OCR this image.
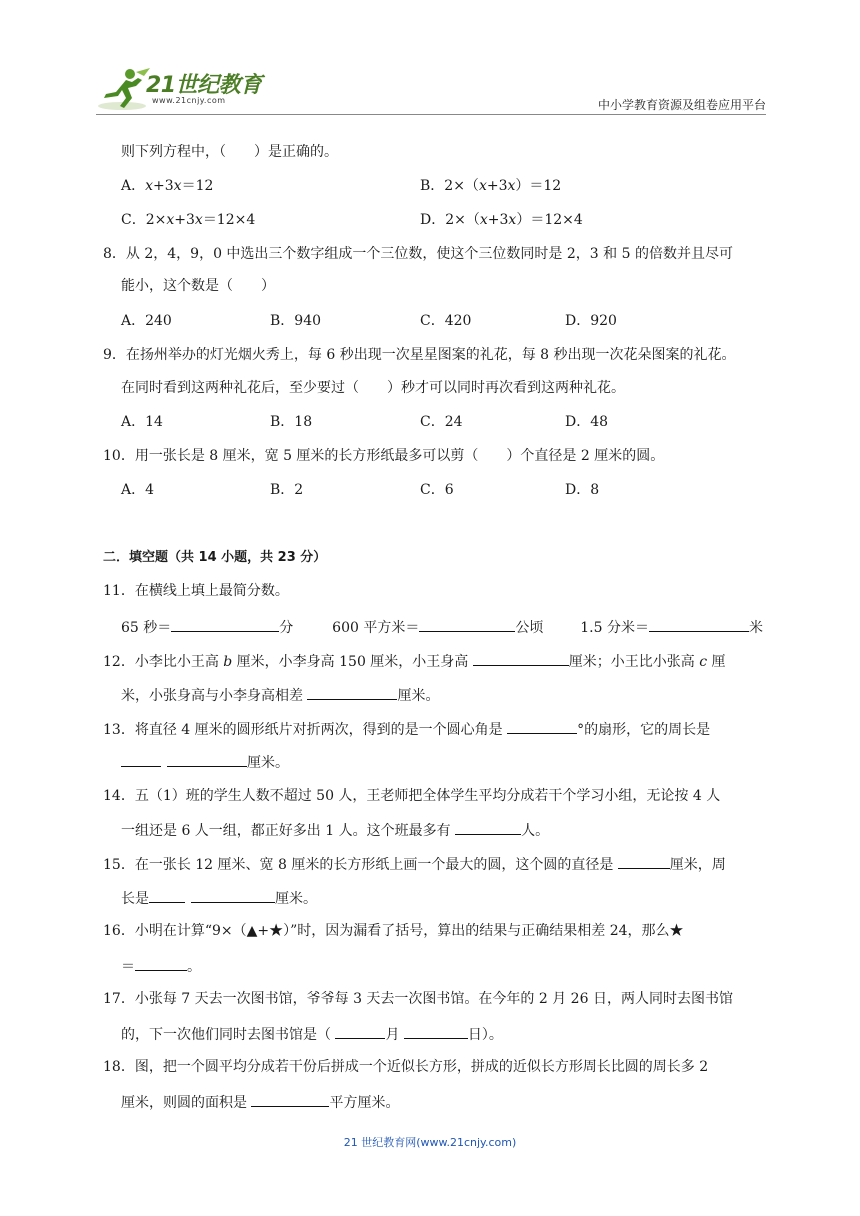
21世纪教育
www.21cnjy.com	中小学教育资源及组卷应用平台
则下列方程中，（　　）是正确的。
A．x+3x＝12	B．2×（x+3x）＝12
C．2×x+3x＝12×4	D．2×（x+3x）＝12×4
8．从 2，4，9，0 中选出三个数字组成一个三位数，使这个三位数同时是 2，3 和 5 的倍数并且尽可
能小，这个数是（　　）
A．240	B．940	C．420	D．920
9．在扬州举办的灯光烟火秀上，每 6 秒出现一次星星图案的礼花，每 8 秒出现一次花朵图案的礼花。
在同时看到这两种礼花后，至少要过（　　）秒才可以同时再次看到这两种礼花。
A．14	B．18	C．24	D．48
10．用一张长是 8 厘米，宽 5 厘米的长方形纸最多可以剪（　　）个直径是 2 厘米的圆。
A．4	B．2	C．6	D．8
二．填空题（共 14 小题，共 23 分）
11．在横线上填上最简分数。
65 秒＝	分	600 平方米＝	公顷	1.5 分米＝	米
12．小李比小王高 b 厘米，小李身高 150 厘米，小王身高	厘米；小王比小张高 c 厘
米，小张身高与小李身高相差	厘米。
13．将直径 4 厘米的圆形纸片对折两次，得到的是一个圆心角是	°的扇形，它的周长是
厘米。
14．五（1）班的学生人数不超过 50 人，王老师把全体学生平均分成若干个学习小组，无论按 4 人
一组还是 6 人一组，都正好多出 1 人。这个班最多有	人。
15．在一张长 12 厘米、宽 8 厘米的长方形纸上画一个最大的圆，这个圆的直径是	厘米，周
长是	厘米。
16．小明在计算“9×（▲+★）”时，因为漏看了括号，算出的结果与正确结果相差 24，那么★
＝	。
17．小张每 7 天去一次图书馆，爷爷每 3 天去一次图书馆。在今年的 2 月 26 日，两人同时去图书馆
的，下一次他们同时去图书馆是（	月	日）。
18．图，把一个圆平均分成若干份后拼成一个近似长方形，拼成的近似长方形周长比圆的周长多 2
厘米，则圆的面积是	平方厘米。
21 世纪教育网(www.21cnjy.com)
